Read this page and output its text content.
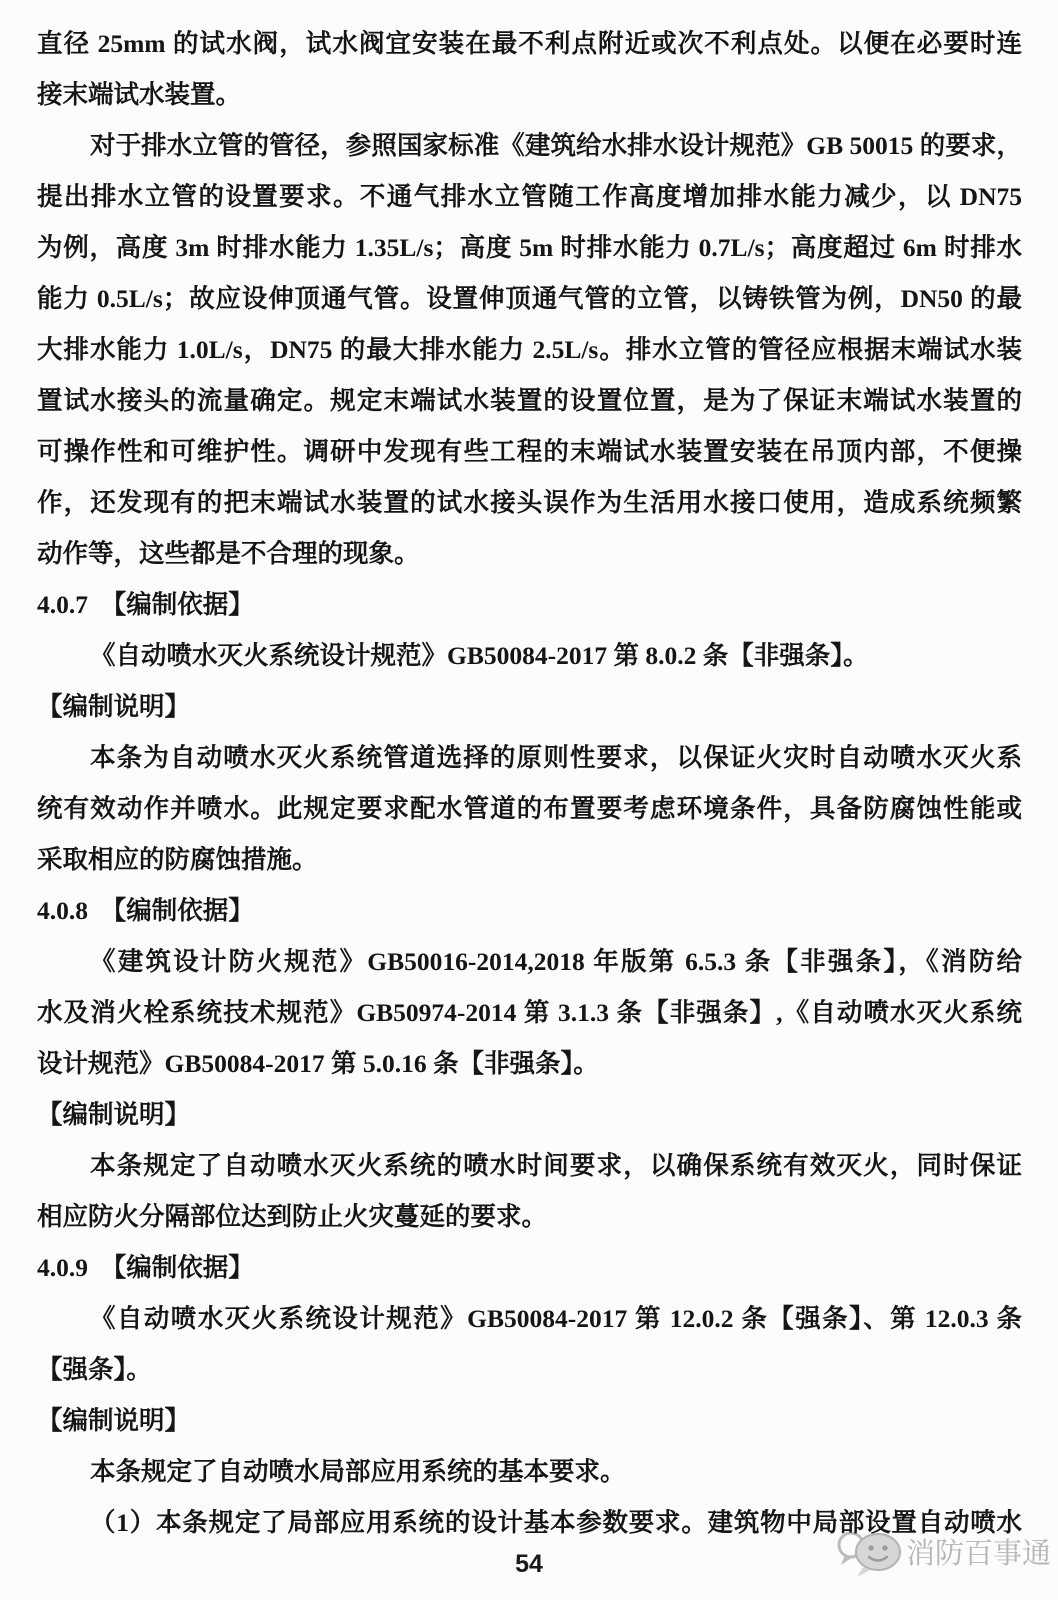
消防百事通
直径 25mm 的试水阀，试水阀宜安装在最不利点附近或次不利点处。以便在必要时连
接末端试水装置。
对于排水立管的管径，参照国家标准《建筑给水排水设计规范》GB 50015 的要求，
提出排水立管的设置要求。不通气排水立管随工作高度增加排水能力减少，以 DN75
为例，高度 3m 时排水能力 1.35L/s；高度 5m 时排水能力 0.7L/s；高度超过 6m 时排水
能力 0.5L/s；故应设伸顶通气管。设置伸顶通气管的立管，以铸铁管为例，DN50 的最
大排水能力 1.0L/s，DN75 的最大排水能力 2.5L/s。排水立管的管径应根据末端试水装
置试水接头的流量确定。规定末端试水装置的设置位置，是为了保证末端试水装置的
可操作性和可维护性。调研中发现有些工程的末端试水装置安装在吊顶内部，不便操
作，还发现有的把末端试水装置的试水接头误作为生活用水接口使用，造成系统频繁
动作等，这些都是不合理的现象。
4.0.7　【编制依据】
《自动喷水灭火系统设计规范》GB50084-2017 第 8.0.2 条【非强条】。
【编制说明】
本条为自动喷水灭火系统管道选择的原则性要求，以保证火灾时自动喷水灭火系
统有效动作并喷水。此规定要求配水管道的布置要考虑环境条件，具备防腐蚀性能或
采取相应的防腐蚀措施。
4.0.8　【编制依据】
《建筑设计防火规范》GB50016-2014,2018 年版第 6.5.3 条【非强条】，《消防给
水及消火栓系统技术规范》GB50974-2014 第 3.1.3 条【非强条】,《自动喷水灭火系统
设计规范》GB50084-2017 第 5.0.16 条【非强条】。
【编制说明】
本条规定了自动喷水灭火系统的喷水时间要求，以确保系统有效灭火，同时保证
相应防火分隔部位达到防止火灾蔓延的要求。
4.0.9　【编制依据】
《自动喷水灭火系统设计规范》GB50084-2017 第 12.0.2 条【强条】、第 12.0.3 条
【强条】。
【编制说明】
本条规定了自动喷水局部应用系统的基本要求。
（1）本条规定了局部应用系统的设计基本参数要求。建筑物中局部设置自动喷水
54
